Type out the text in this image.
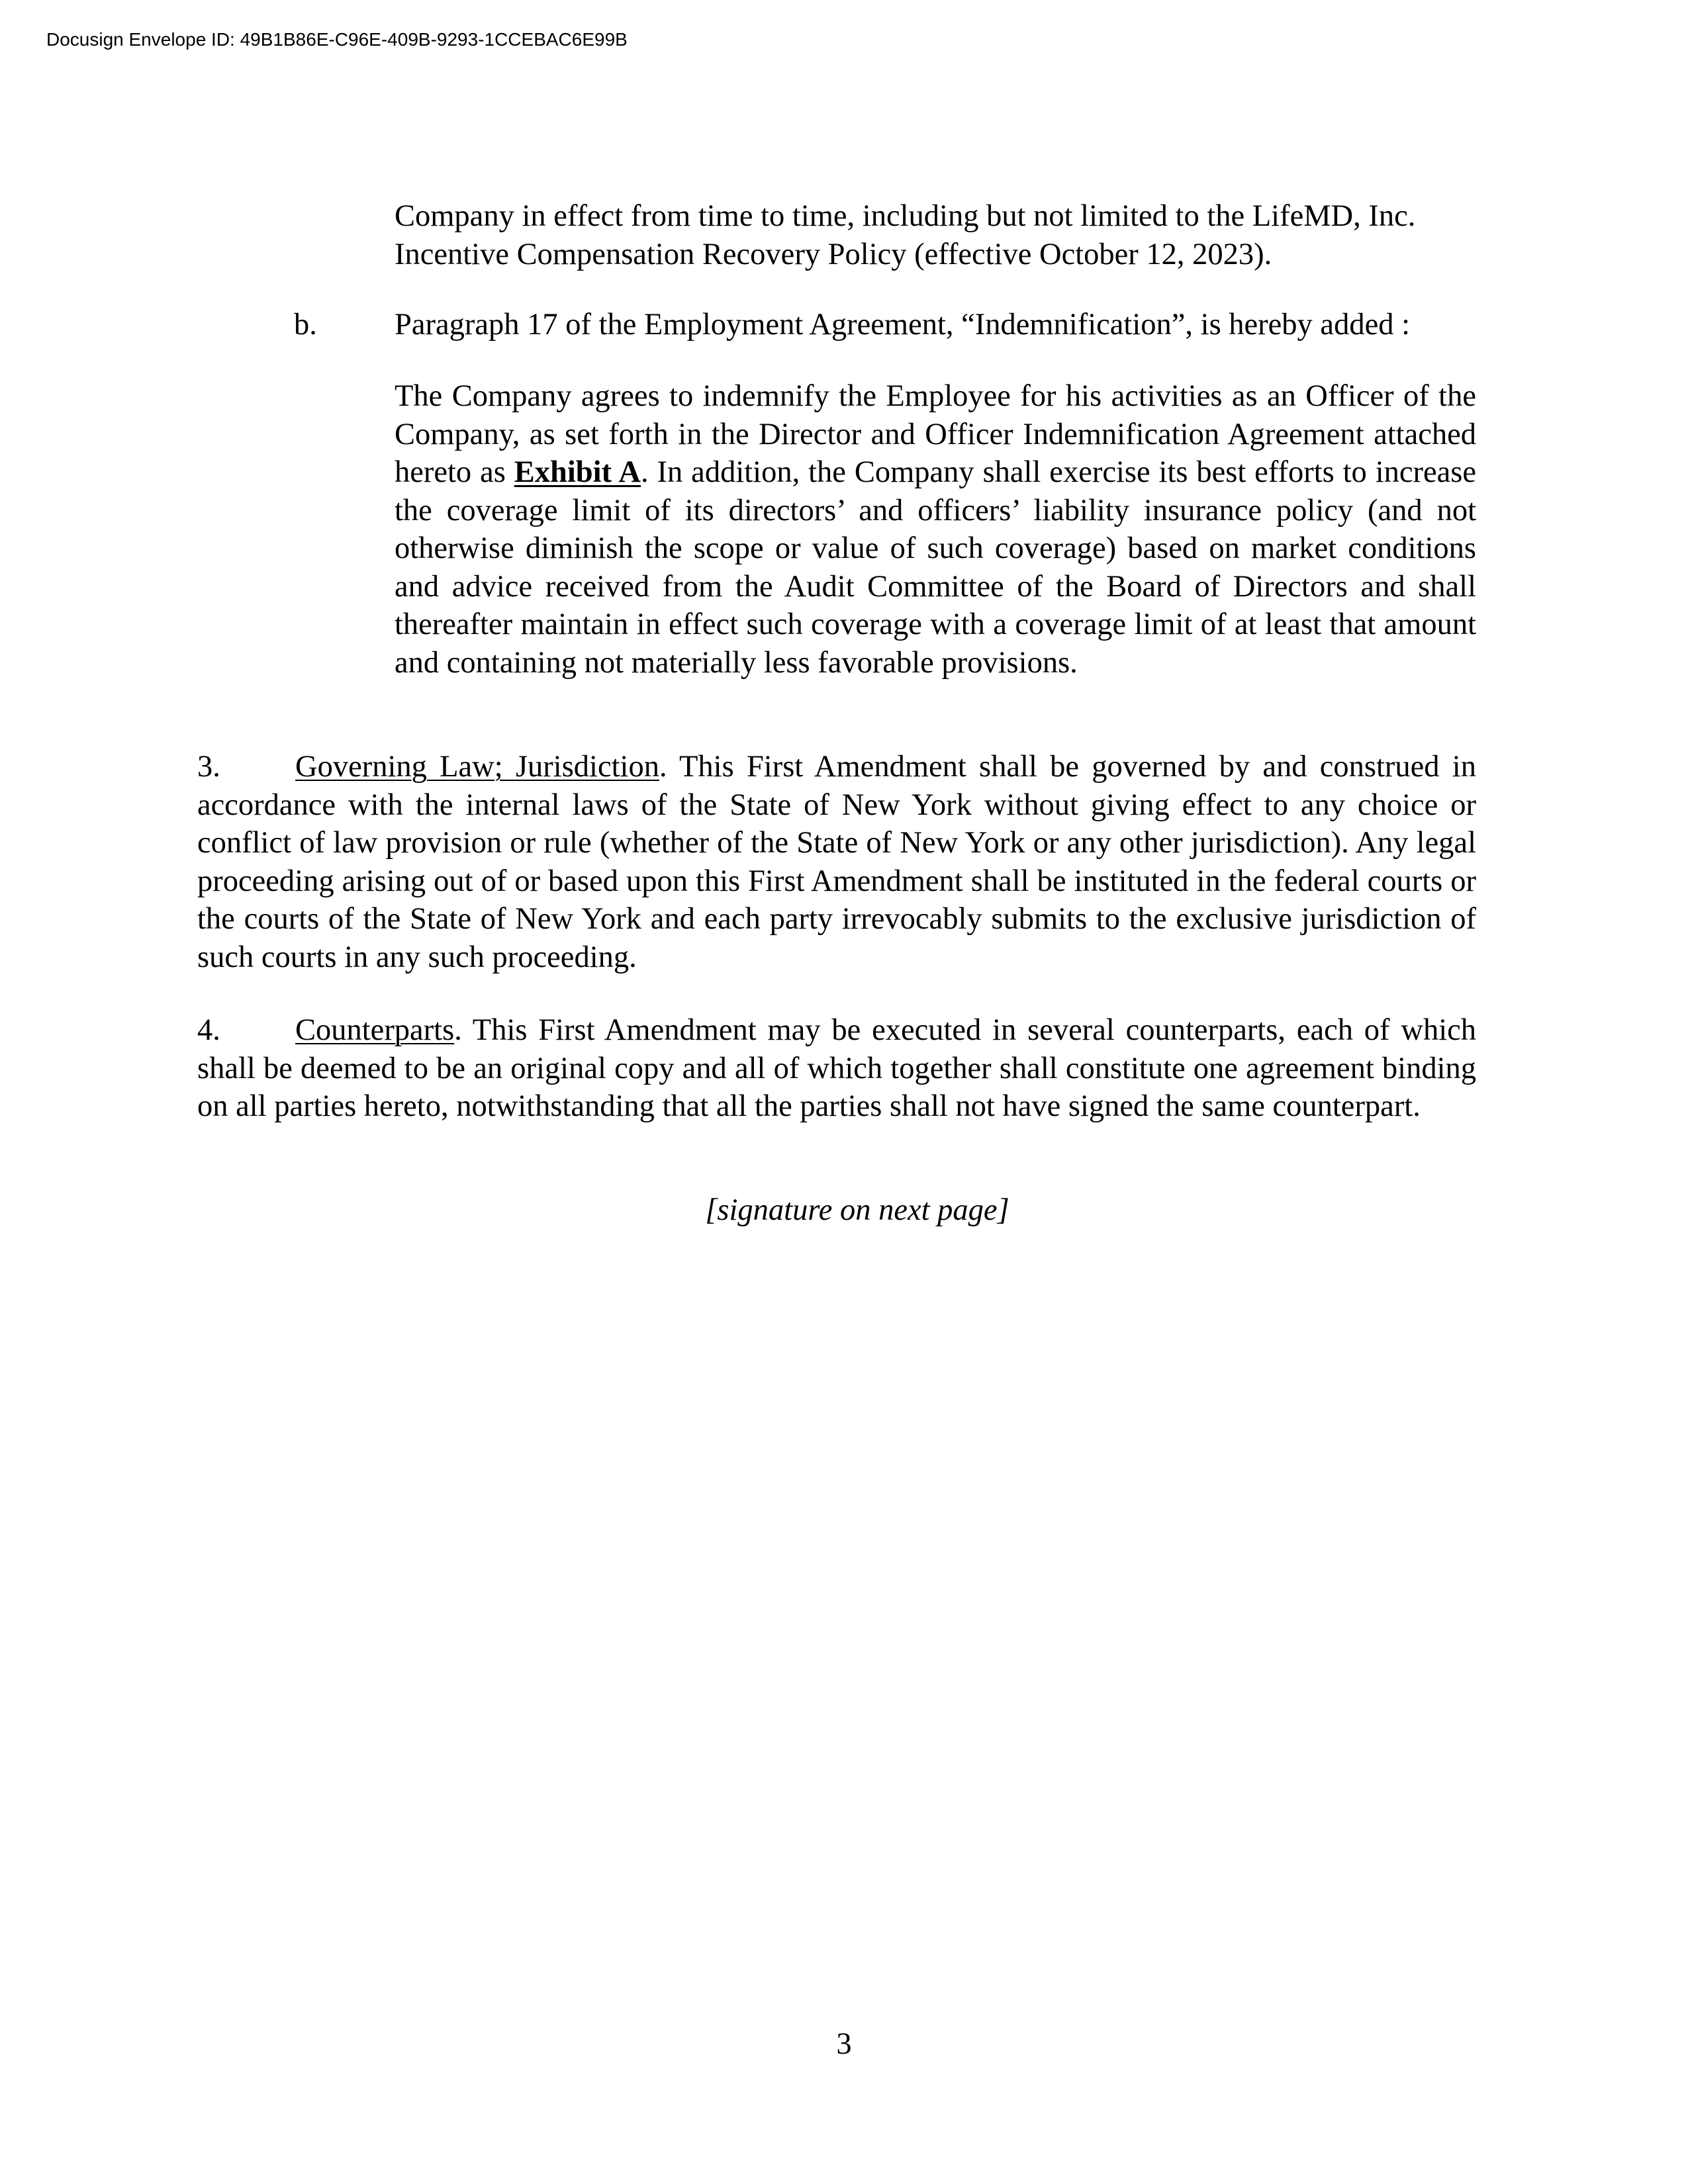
Docusign Envelope ID: 49B1B86E-C96E-409B-9293-1CCEBAC6E99B
Company in effect from time to time, including but not limited to the LifeMD, Inc.
Incentive Compensation Recovery Policy (effective October 12, 2023).
b.	Paragraph 17 of the Employment Agreement, “Indemnification”, is hereby added :
The Company agrees to indemnify the Employee for his activities as an Officer of the Company, as set forth in the Director and Officer Indemnification Agreement attached hereto as Exhibit A. In addition, the Company shall exercise its best efforts to increase the coverage limit of its directors’ and officers’ liability insurance policy (and not otherwise diminish the scope or value of such coverage) based on market conditions and advice received from the Audit Committee of the Board of Directors and shall thereafter maintain in effect such coverage with a coverage limit of at least that amount and containing not materially less favorable provisions.
3. Governing Law; Jurisdiction. This First Amendment shall be governed by and construed in accordance with the internal laws of the State of New York without giving effect to any choice or conflict of law provision or rule (whether of the State of New York or any other jurisdiction). Any legal proceeding arising out of or based upon this First Amendment shall be instituted in the federal courts or the courts of the State of New York and each party irrevocably submits to the exclusive jurisdiction of such courts in any such proceeding.
4. Counterparts. This First Amendment may be executed in several counterparts, each of which shall be deemed to be an original copy and all of which together shall constitute one agreement binding on all parties hereto, notwithstanding that all the parties shall not have signed the same counterpart.
[signature on next page]
3
